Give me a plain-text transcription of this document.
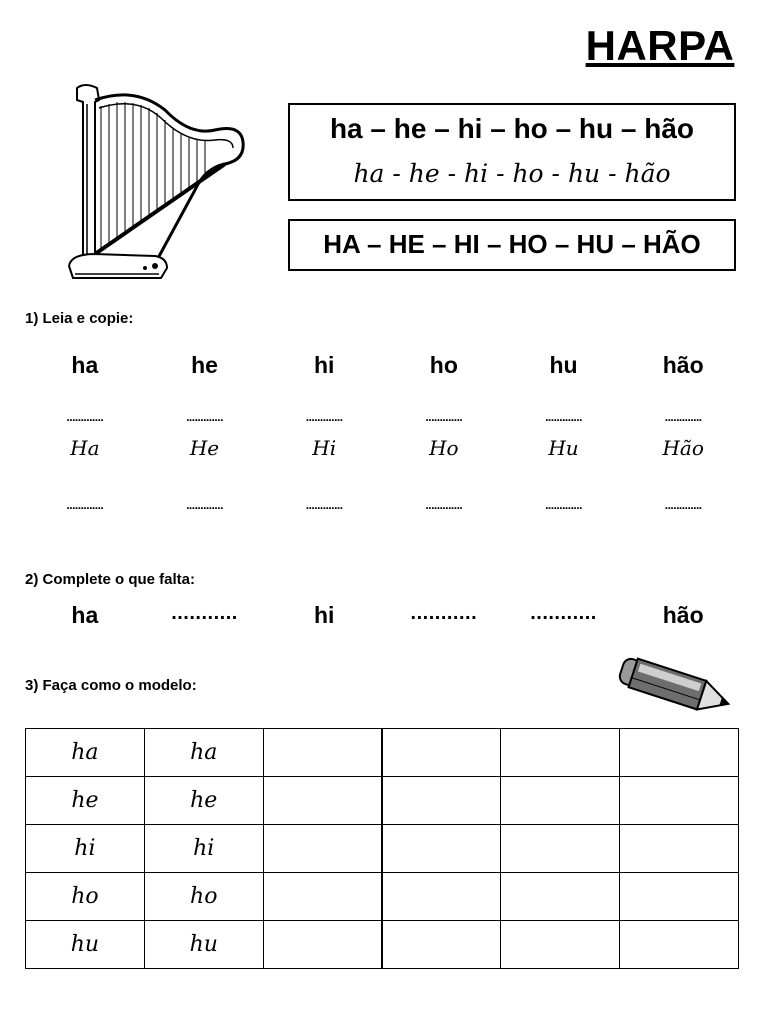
HARPA
ha – he – hi – ho – hu – hão
ha - he - hi - ho - hu - hão
HA – HE – HI – HO – HU – HÃO
1) Leia e copie:
ha	he	hi	ho	hu	hão
.............	.............	.............	.............	.............	.............
Ha	He	Hi	Ho	Hu	Hão
.............	.............	.............	.............	.............	.............
2) Complete o que falta:
ha	...........	hi	...........	...........	hão
3) Faça como o modelo:
ha	ha				
he	he				
hi	hi				
ho	ho				
hu	hu				
